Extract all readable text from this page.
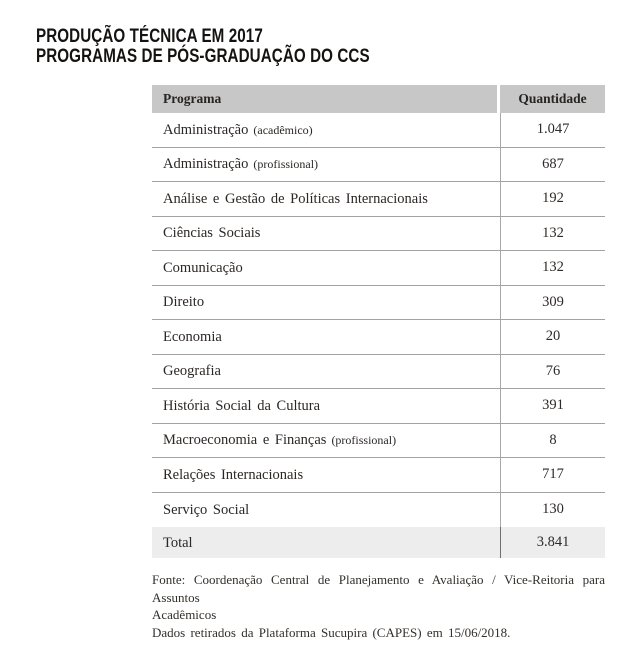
PRODUÇÃO TÉCNICA EM 2017
PROGRAMAS DE PÓS-GRADUAÇÃO DO CCS
Programa	Quantidade
Administração (acadêmico)	1.047
Administração (profissional)	687
Análise e Gestão de Políticas Internacionais	192
Ciências Sociais	132
Comunicação	132
Direito	309
Economia	20
Geografia	76
História Social da Cultura	391
Macroeconomia e Finanças (profissional)	8
Relações Internacionais	717
Serviço Social	130
Total	3.841

Fonte: Coordenação Central de Planejamento e Avaliação / Vice-Reitoria para Assuntos

Acadêmicos

Dados retirados da Plataforma Sucupira (CAPES) em 15/06/2018.
